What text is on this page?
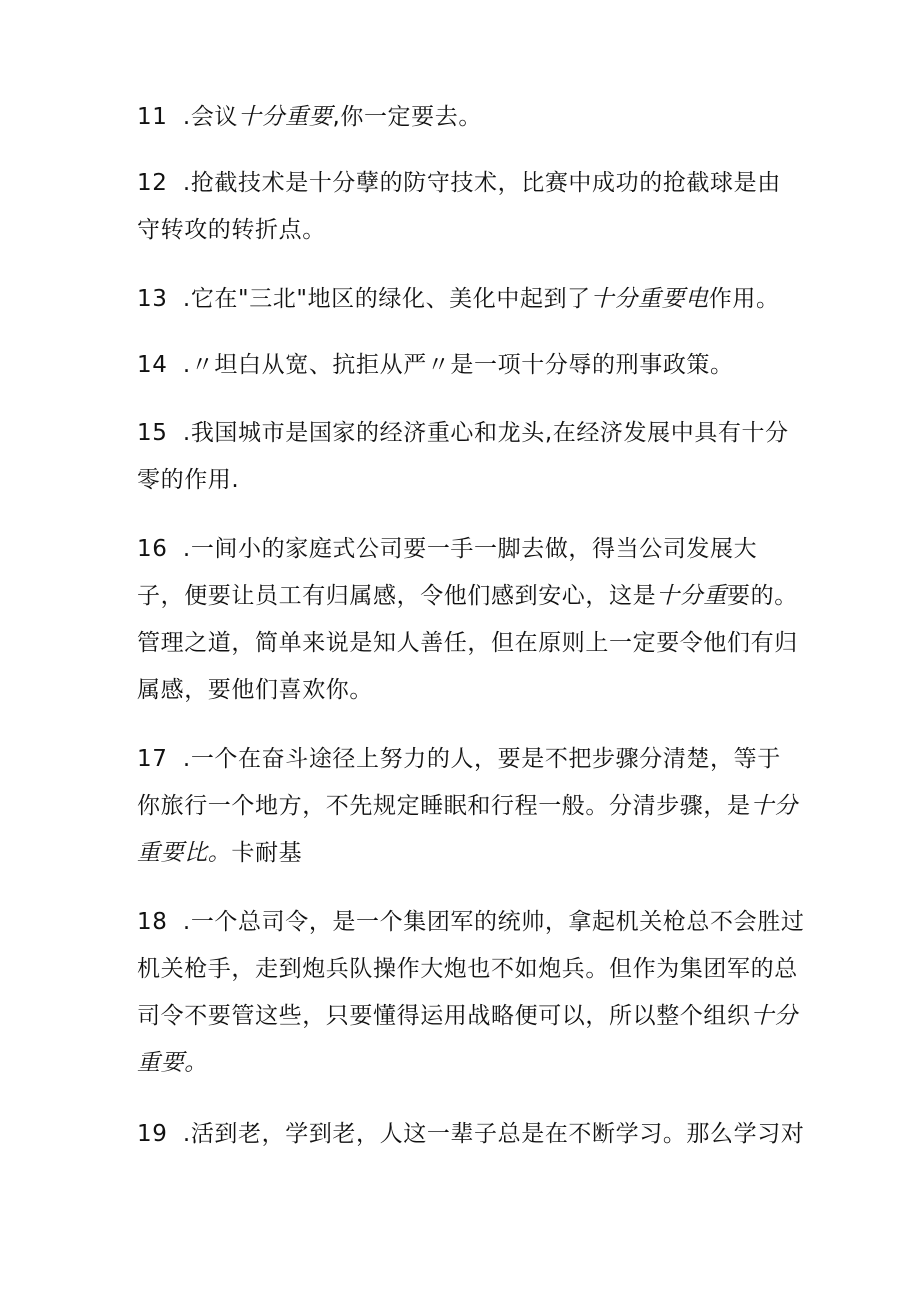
11 .会议十分重要,你一定要去。
12 .抢截技术是十分孽的防守技术，比赛中成功的抢截球是由
守转攻的转折点。
13 .它在"三北"地区的绿化、美化中起到了十分重要电作用。
14 .〃坦白从宽、抗拒从严〃是一项十分辱的刑事政策。
15 .我国城市是国家的经济重心和龙头,在经济发展中具有十分
零的作用.
16 .一间小的家庭式公司要一手一脚去做，得当公司发展大
子，便要让员工有归属感，令他们感到安心，这是十分重要的。
管理之道，简单来说是知人善任，但在原则上一定要令他们有归
属感，要他们喜欢你。
17 .一个在奋斗途径上努力的人，要是不把步骤分清楚，等于
你旅行一个地方，不先规定睡眠和行程一般。分清步骤，是十分
重要比。卡耐基
18 .一个总司令，是一个集团军的统帅，拿起机关枪总不会胜过
机关枪手，走到炮兵队操作大炮也不如炮兵。但作为集团军的总
司令不要管这些，只要懂得运用战略便可以，所以整个组织十分
重要。
19 .活到老，学到老，人这一辈子总是在不断学习。那么学习对
